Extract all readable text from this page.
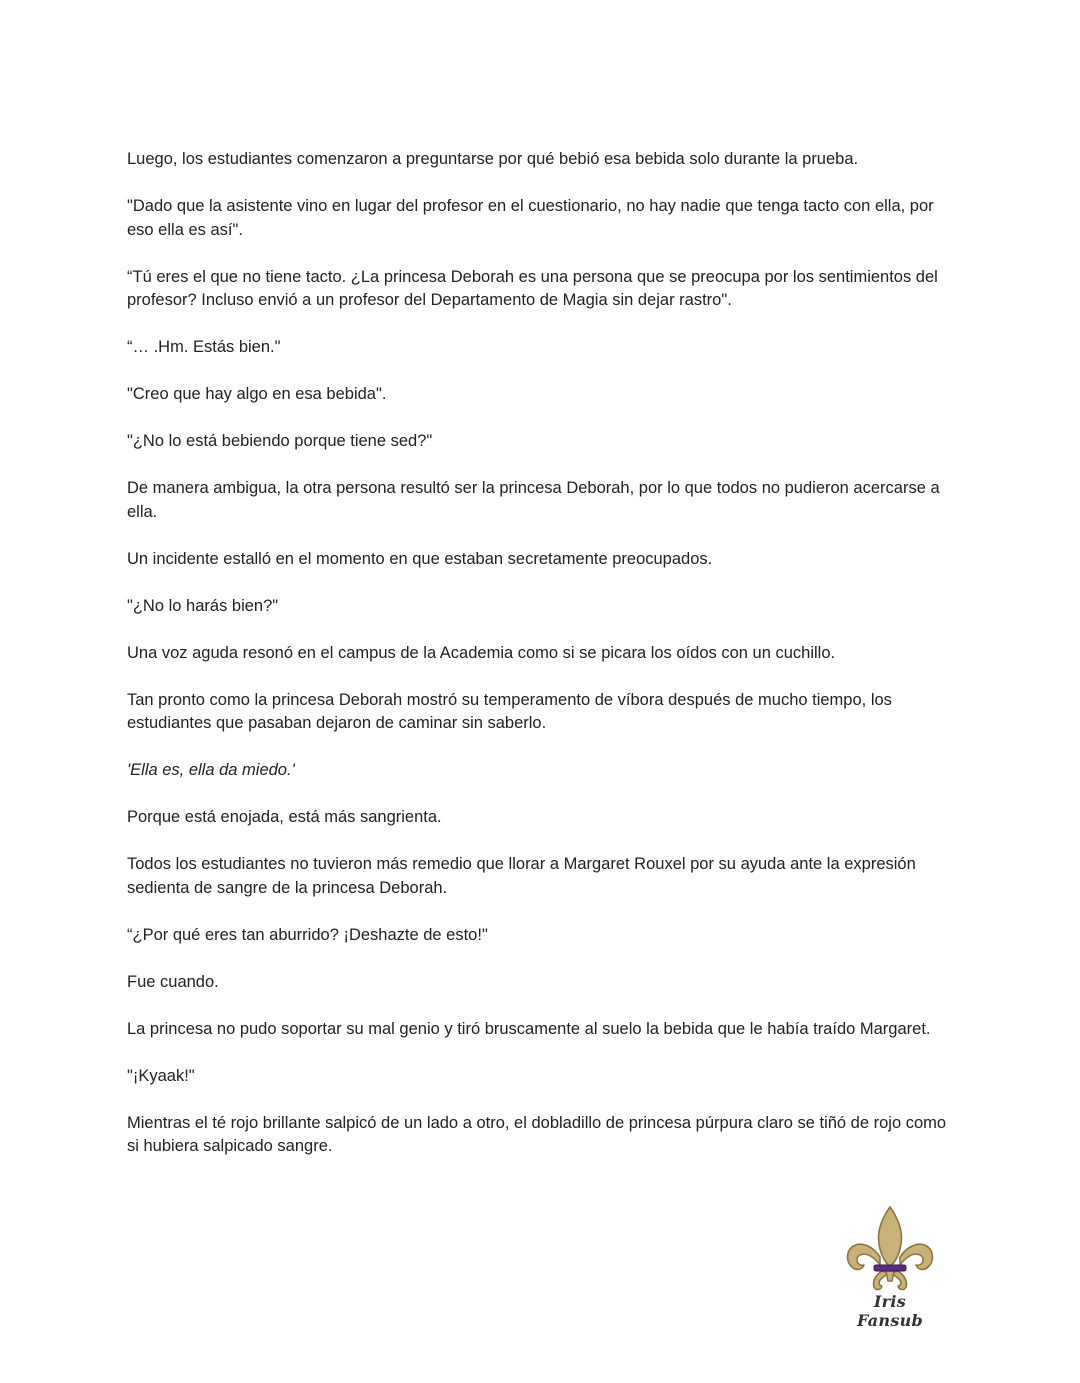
Luego, los estudiantes comenzaron a preguntarse por qué bebió esa bebida solo durante la prueba.

"Dado que la asistente vino en lugar del profesor en el cuestionario, no hay nadie que tenga tacto con ella, por eso ella es así".

“Tú eres el que no tiene tacto. ¿La princesa Deborah es una persona que se preocupa por los sentimientos del profesor? Incluso envió a un profesor del Departamento de Magia sin dejar rastro".

“… .Hm. Estás bien."

"Creo que hay algo en esa bebida".

"¿No lo está bebiendo porque tiene sed?"

De manera ambigua, la otra persona resultó ser la princesa Deborah, por lo que todos no pudieron acercarse a ella.

Un incidente estalló en el momento en que estaban secretamente preocupados.

"¿No lo harás bien?"

Una voz aguda resonó en el campus de la Academia como si se picara los oídos con un cuchillo.

Tan pronto como la princesa Deborah mostró su temperamento de víbora después de mucho tiempo, los estudiantes que pasaban dejaron de caminar sin saberlo.

'Ella es, ella da miedo.'

Porque está enojada, está más sangrienta.

Todos los estudiantes no tuvieron más remedio que llorar a Margaret Rouxel por su ayuda ante la expresión sedienta de sangre de la princesa Deborah.

“¿Por qué eres tan aburrido? ¡Deshazte de esto!"

Fue cuando.

La princesa no pudo soportar su mal genio y tiró bruscamente al suelo la bebida que le había traído Margaret.

"¡Kyaak!"

Mientras el té rojo brillante salpicó de un lado a otro, el dobladillo de princesa púrpura claro se tiñó de rojo como si hubiera salpicado sangre.

Iris Fansub
